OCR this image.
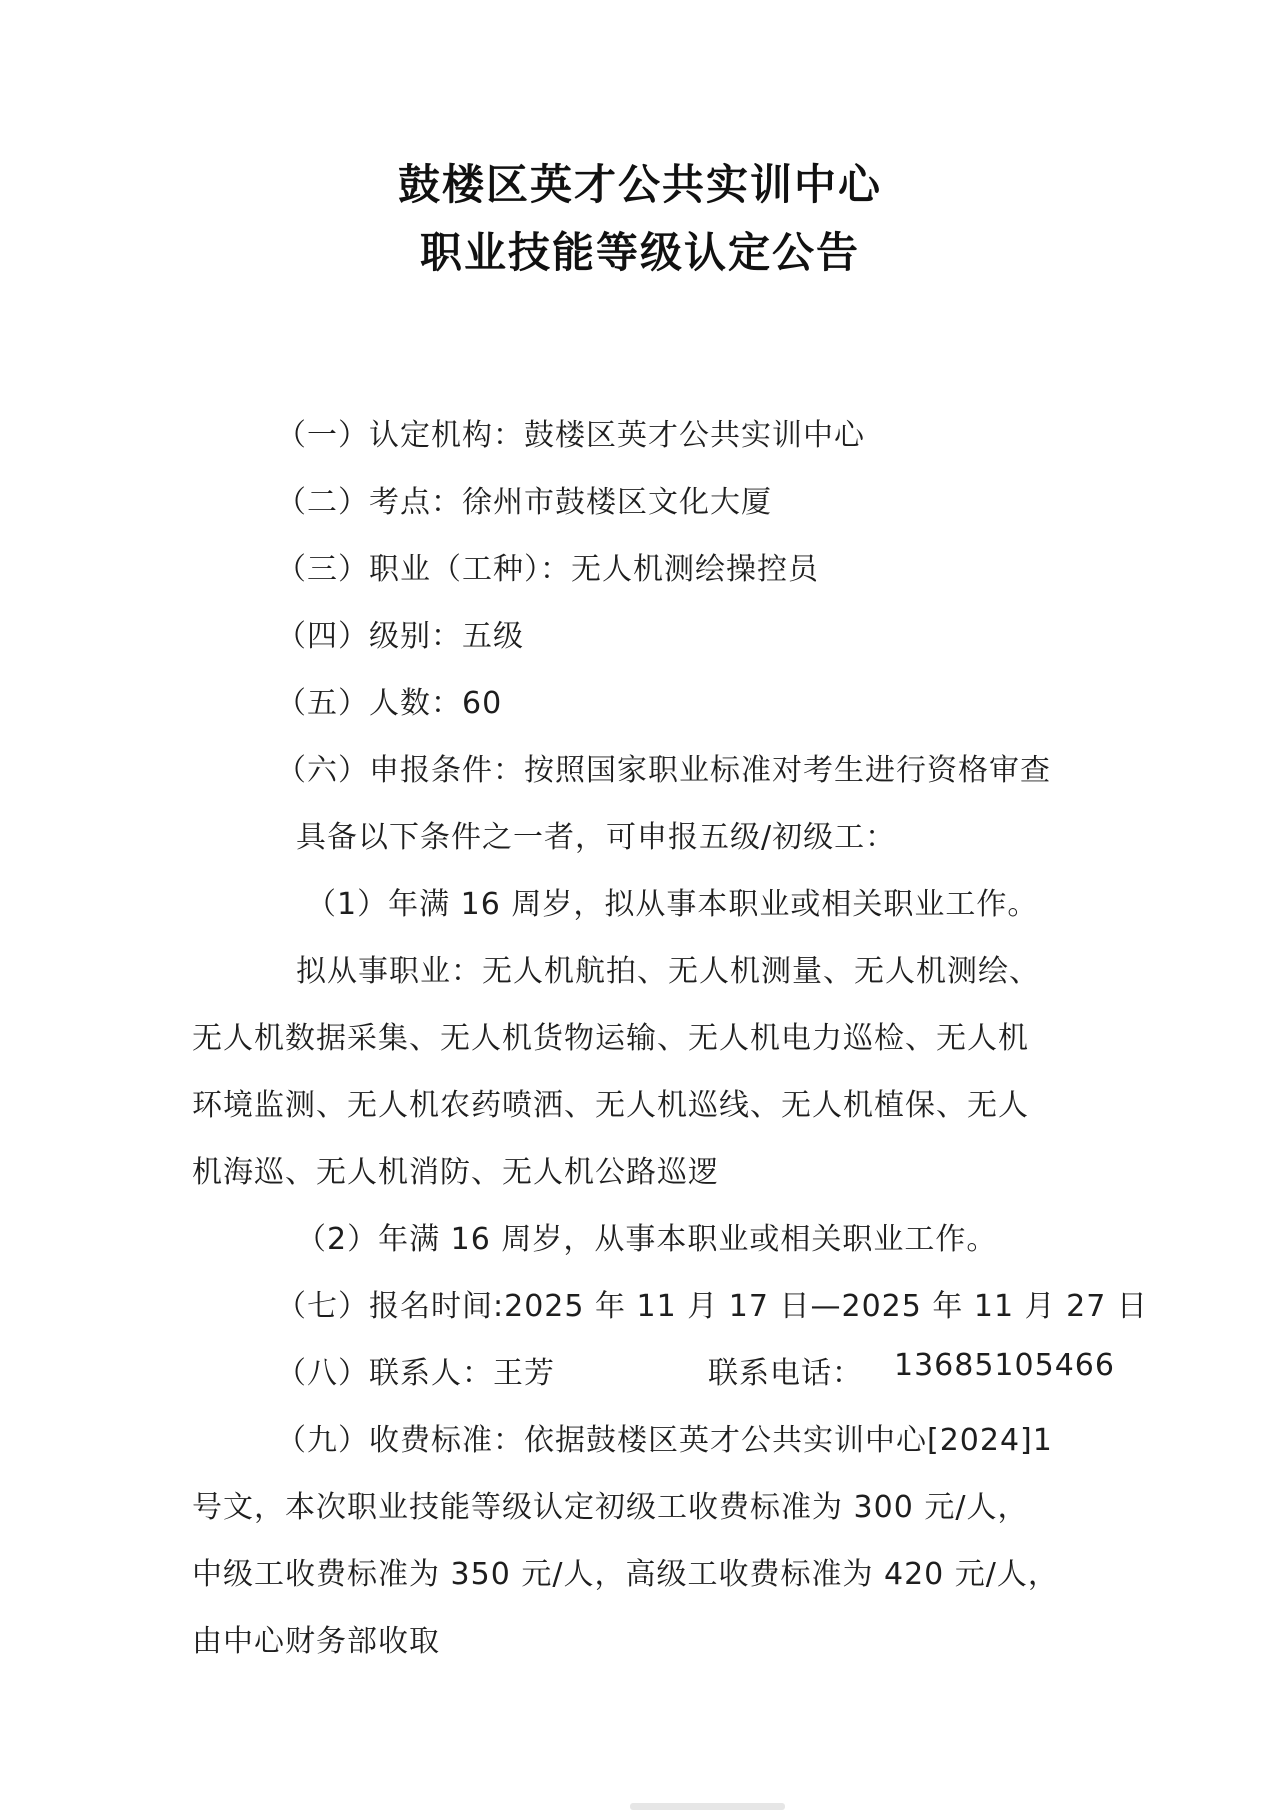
鼓楼区英才公共实训中心
职业技能等级认定公告
（一）认定机构：鼓楼区英才公共实训中心
（二）考点：徐州市鼓楼区文化大厦
（三）职业（工种）：无人机测绘操控员
（四）级别：五级
（五）人数：60
（六）申报条件：按照国家职业标准对考生进行资格审查
具备以下条件之一者，可申报五级/初级工：
（1）年满 16 周岁，拟从事本职业或相关职业工作。
拟从事职业：无人机航拍、无人机测量、无人机测绘、
无人机数据采集、无人机货物运输、无人机电力巡检、无人机
环境监测、无人机农药喷洒、无人机巡线、无人机植保、无人
机海巡、无人机消防、无人机公路巡逻
（2）年满 16 周岁，从事本职业或相关职业工作。
（七）报名时间:2025 年 11 月 17 日—2025 年 11 月 27 日
（八）联系人：王芳	联系电话： 13685105466
（九）收费标准：依据鼓楼区英才公共实训中心[2024]1
号文，本次职业技能等级认定初级工收费标准为 300 元/人，
中级工收费标准为 350 元/人，高级工收费标准为 420 元/人，
由中心财务部收取
